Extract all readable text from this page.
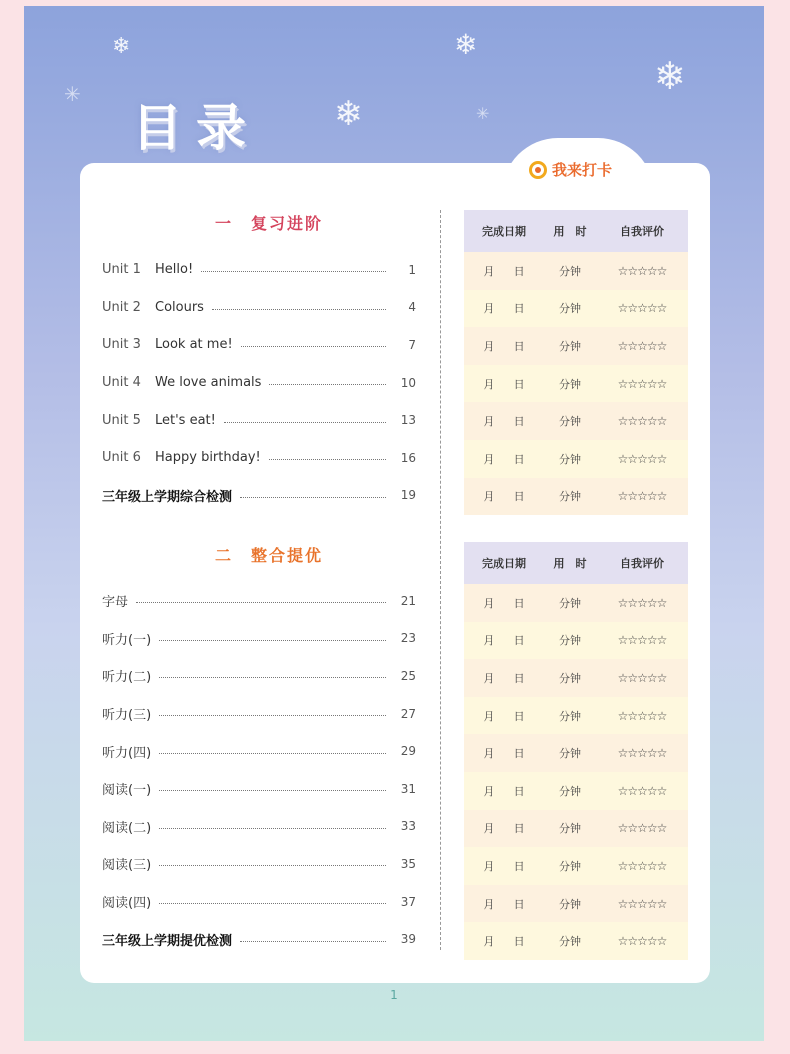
❄
✳	❄
❄
❄
✳
目录
我来打卡
一　复习进阶
二　整合提优
Unit 1 Hello!	1
Unit 2 Colours	4
Unit 3 Look at me!	7
Unit 4 We love animals	10
Unit 5 Let's eat!	13
Unit 6 Happy birthday!	16
三年级上学期综合检测	19
字母	21
听力(一)	23
听力(二)	25
听力(三)	27
听力(四)	29
阅读(一)	31
阅读(二)	33
阅读(三)	35
阅读(四)	37
三年级上学期提优检测	39
完成日期	用　时	自我评价
月 日	分钟	☆☆☆☆☆
月 日	分钟	☆☆☆☆☆
月 日	分钟	☆☆☆☆☆
月 日	分钟	☆☆☆☆☆
月 日	分钟	☆☆☆☆☆
月 日	分钟	☆☆☆☆☆
月 日	分钟	☆☆☆☆☆
完成日期	用　时	自我评价
月 日	分钟	☆☆☆☆☆
月 日	分钟	☆☆☆☆☆
月 日	分钟	☆☆☆☆☆
月 日	分钟	☆☆☆☆☆
月 日	分钟	☆☆☆☆☆
月 日	分钟	☆☆☆☆☆
月 日	分钟	☆☆☆☆☆
月 日	分钟	☆☆☆☆☆
月 日	分钟	☆☆☆☆☆
月 日	分钟	☆☆☆☆☆
1
